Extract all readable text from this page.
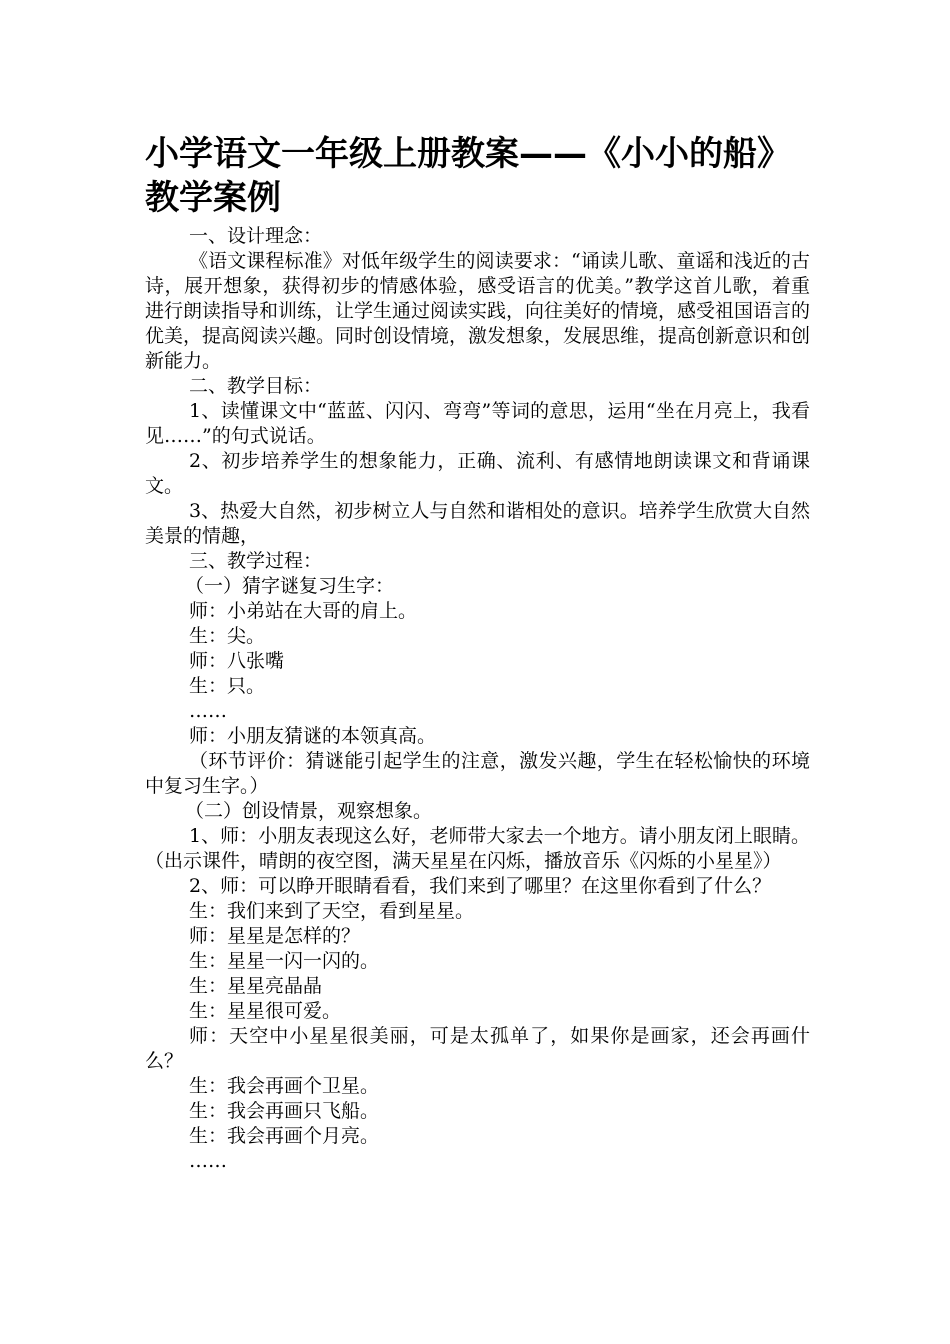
小学语文一年级上册教案——《小小的船》
教学案例

一、设计理念：

《语文课程标准》对低年级学生的阅读要求：“诵读儿歌、童谣和浅近的古诗，展开想象，获得初步的情感体验，感受语言的优美。”教学这首儿歌，着重进行朗读指导和训练，让学生通过阅读实践，向往美好的情境，感受祖国语言的优美，提高阅读兴趣。同时创设情境，激发想象，发展思维，提高创新意识和创新能力。

二、教学目标：

1、读懂课文中“蓝蓝、闪闪、弯弯”等词的意思，运用“坐在月亮上，我看见……”的句式说话。

2、初步培养学生的想象能力，正确、流利、有感情地朗读课文和背诵课文。

3、热爱大自然，初步树立人与自然和谐相处的意识。培养学生欣赏大自然美景的情趣，

三、教学过程：

（一）猜字谜复习生字：

师：小弟站在大哥的肩上。

生：尖。

师：八张嘴

生：只。

……

师：小朋友猜谜的本领真高。

（环节评价：猜谜能引起学生的注意，激发兴趣，学生在轻松愉快的环境中复习生字。）

（二）创设情景，观察想象。

1、师：小朋友表现这么好，老师带大家去一个地方。请小朋友闭上眼睛。（出示课件，晴朗的夜空图，满天星星在闪烁，播放音乐《闪烁的小星星》）

2、师：可以睁开眼睛看看，我们来到了哪里？在这里你看到了什么？

生：我们来到了天空，看到星星。

师：星星是怎样的？

生：星星一闪一闪的。

生：星星亮晶晶

生：星星很可爱。

师：天空中小星星很美丽，可是太孤单了，如果你是画家，还会再画什么？

生：我会再画个卫星。

生：我会再画只飞船。

生：我会再画个月亮。

……
